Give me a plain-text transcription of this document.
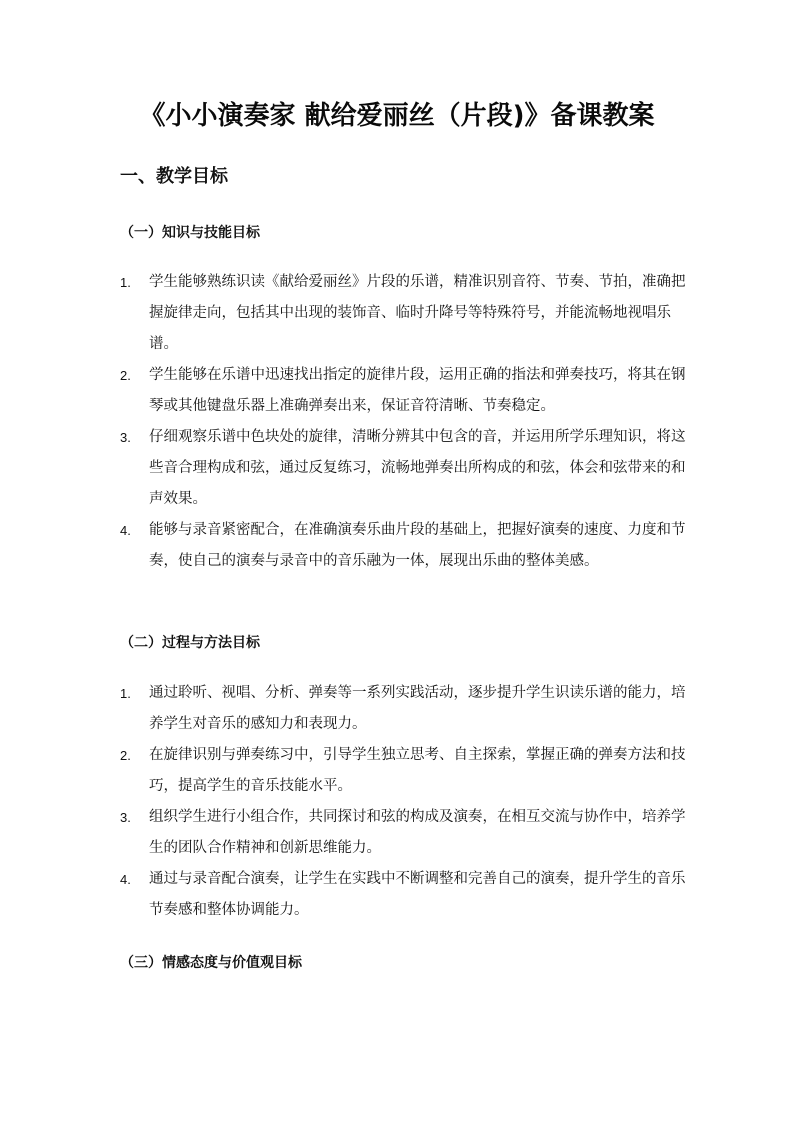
《小小演奏家 献给爱丽丝（片段)》备课教案
一、教学目标
（一）知识与技能目标
1. 学生能够熟练识读《献给爱丽丝》片段的乐谱，精准识别音符、节奏、节拍，准确把握旋律走向，包括其中出现的装饰音、临时升降号等特殊符号，并能流畅地视唱乐谱。
2. 学生能够在乐谱中迅速找出指定的旋律片段，运用正确的指法和弹奏技巧，将其在钢琴或其他键盘乐器上准确弹奏出来，保证音符清晰、节奏稳定。
3. 仔细观察乐谱中色块处的旋律，清晰分辨其中包含的音，并运用所学乐理知识，将这些音合理构成和弦，通过反复练习，流畅地弹奏出所构成的和弦，体会和弦带来的和声效果。
4. 能够与录音紧密配合，在准确演奏乐曲片段的基础上，把握好演奏的速度、力度和节奏，使自己的演奏与录音中的音乐融为一体，展现出乐曲的整体美感。
（二）过程与方法目标
1. 通过聆听、视唱、分析、弹奏等一系列实践活动，逐步提升学生识读乐谱的能力，培养学生对音乐的感知力和表现力。
2. 在旋律识别与弹奏练习中，引导学生独立思考、自主探索，掌握正确的弹奏方法和技巧，提高学生的音乐技能水平。
3. 组织学生进行小组合作，共同探讨和弦的构成及演奏，在相互交流与协作中，培养学生的团队合作精神和创新思维能力。
4. 通过与录音配合演奏，让学生在实践中不断调整和完善自己的演奏，提升学生的音乐节奏感和整体协调能力。
（三）情感态度与价值观目标
